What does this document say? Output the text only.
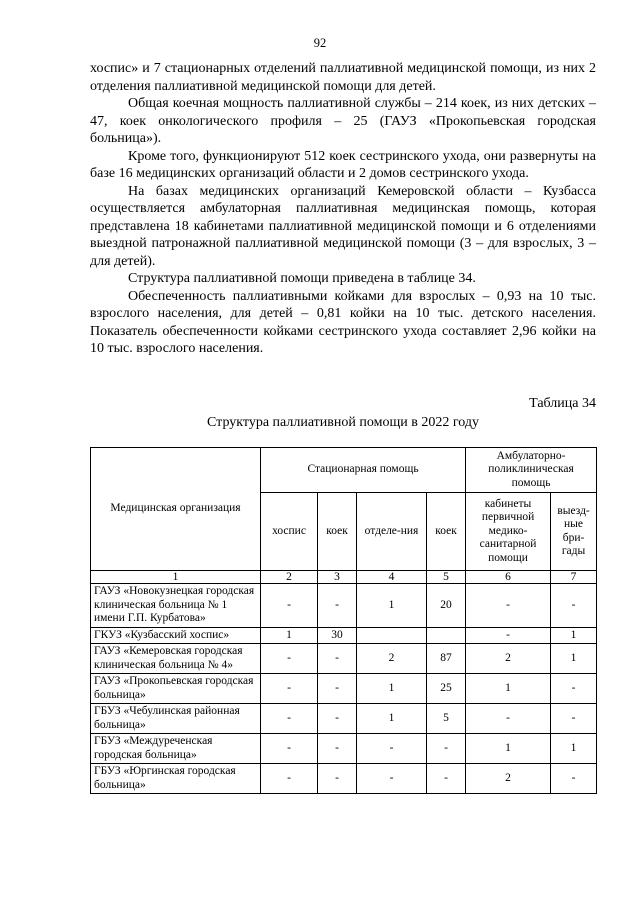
92

хоспис» и 7 стационарных отделений паллиативной медицинской помощи, из них 2 отделения паллиативной медицинской помощи для детей.

Общая коечная мощность паллиативной службы – 214 коек, из них детских – 47, коек онкологического профиля – 25 (ГАУЗ «Прокопьевская городская больница»).

Кроме того, функционируют 512 коек сестринского ухода, они развернуты на базе 16 медицинских организаций области и 2 домов сестринского ухода.

На базах медицинских организаций Кемеровской области – Кузбасса осуществляется амбулаторная паллиативная медицинская помощь, которая представлена 18 кабинетами паллиативной медицинской помощи и 6 отделениями выездной патронажной паллиативной медицинской помощи (3 – для взрослых, 3 – для детей).

Структура паллиативной помощи приведена в таблице 34.

Обеспеченность паллиативными койками для взрослых – 0,93 на 10 тыс. взрослого населения, для детей – 0,81 койки на 10 тыс. детского населения. Показатель обеспеченности койками сестринского ухода составляет 2,96 койки на 10 тыс. взрослого населения.

Таблица 34
Структура паллиативной помощи в 2022 году
Медицинская организация	Стационарная помощь				Амбулаторно-поликлиническая помощь	
	хоспис	коек	отделе-ния	коек	кабинеты первичной медико-санитарной помощи	выезд-ные бри-гады
1	2	3	4	5	6	7
ГАУЗ «Новокузнецкая городская клиническая больница № 1 имени Г.П. Курбатова»	-	-	1	20	-	-
ГКУЗ «Кузбасский хоспис»	1	30			-	1
ГАУЗ «Кемеровская городская клиническая больница № 4»	-	-	2	87	2	1
ГАУЗ «Прокопьевская городская больница»	-	-	1	25	1	-
ГБУЗ «Чебулинская районная больница»	-	-	1	5	-	-
ГБУЗ «Междуреченская городская больница»	-	-	-	-	1	1
ГБУЗ «Юргинская городская больница»	-	-	-	-	2	-
